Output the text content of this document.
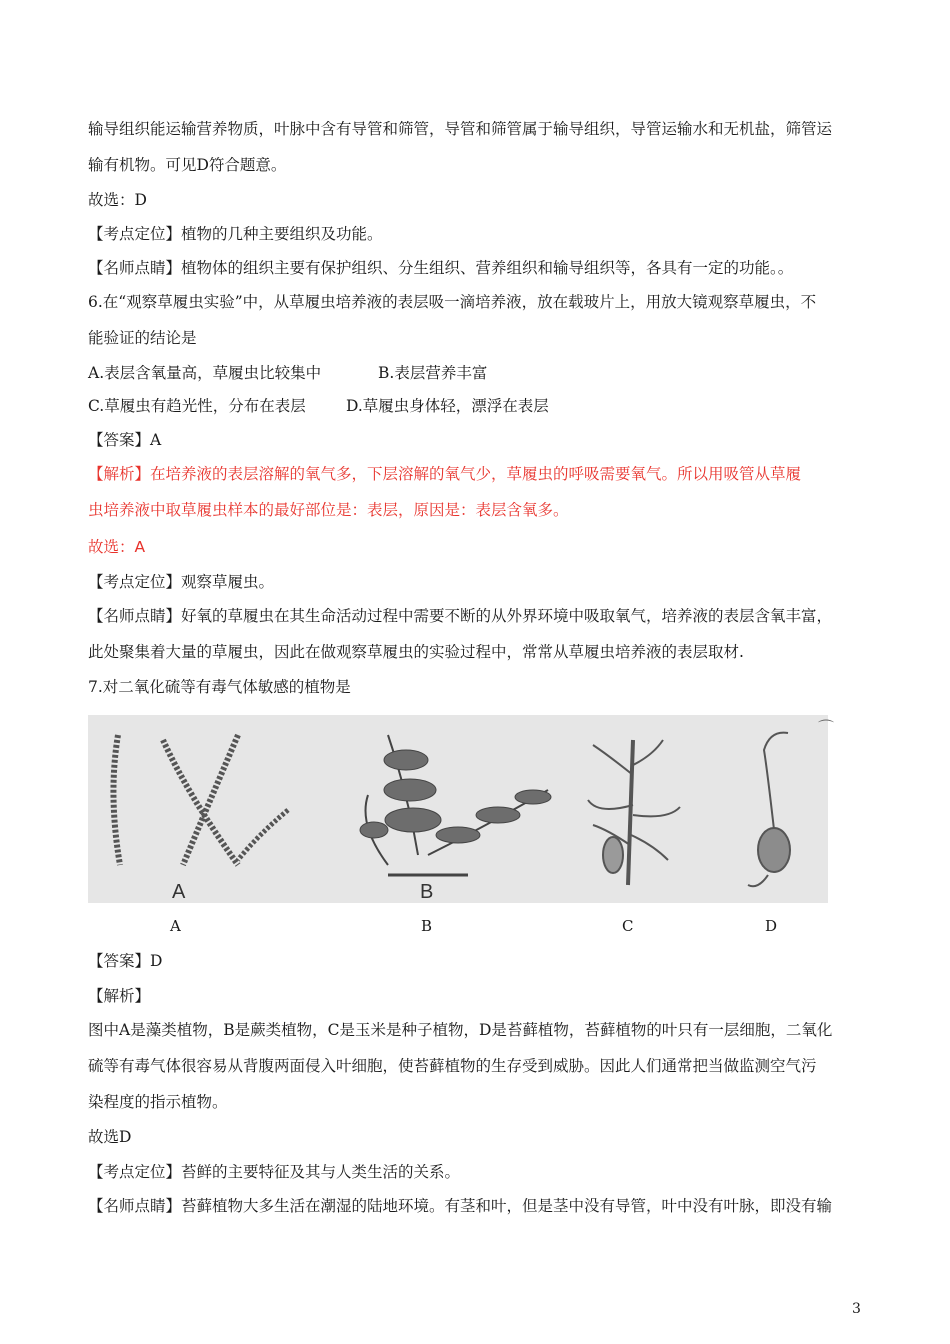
输导组织能运输营养物质，叶脉中含有导管和筛管，导管和筛管属于输导组织，导管运输水和无机盐，筛管运
输有机物。可见D符合题意。
故选：D
【考点定位】植物的几种主要组织及功能。
【名师点睛】植物体的组织主要有保护组织、分生组织、营养组织和输导组织等，各具有一定的功能。。
6.在“观察草履虫实验”中，从草履虫培养液的表层吸一滴培养液，放在载玻片上，用放大镜观察草履虫，不
能验证的结论是
A.表层含氧量高，草履虫比较集中	B.表层营养丰富
C.草履虫有趋光性，分布在表层	D.草履虫身体轻，漂浮在表层
【答案】A
【解析】在培养液的表层溶解的氧气多，下层溶解的氧气少，草履虫的呼吸需要氧气。所以用吸管从草履
虫培养液中取草履虫样本的最好部位是：表层，原因是：表层含氧多。
故选：A
【考点定位】观察草履虫。
【名师点睛】好氧的草履虫在其生命活动过程中需要不断的从外界环境中吸取氧气，培养液的表层含氧丰富，
此处聚集着大量的草履虫，因此在做观察草履虫的实验过程中，常常从草履虫培养液的表层取材.
7.对二氧化硫等有毒气体敏感的植物是
A	B
⌒
A	B	C	D
【答案】D
【解析】
图中A是藻类植物，B是蕨类植物，C是玉米是种子植物，D是苔藓植物，苔藓植物的叶只有一层细胞，二氧化
硫等有毒气体很容易从背腹两面侵入叶细胞，使苔藓植物的生存受到威胁。因此人们通常把当做监测空气污
染程度的指示植物。
故选D
【考点定位】苔鲜的主要特征及其与人类生活的关系。
【名师点睛】苔藓植物大多生活在潮湿的陆地环境。有茎和叶，但是茎中没有导管，叶中没有叶脉，即没有输
3
